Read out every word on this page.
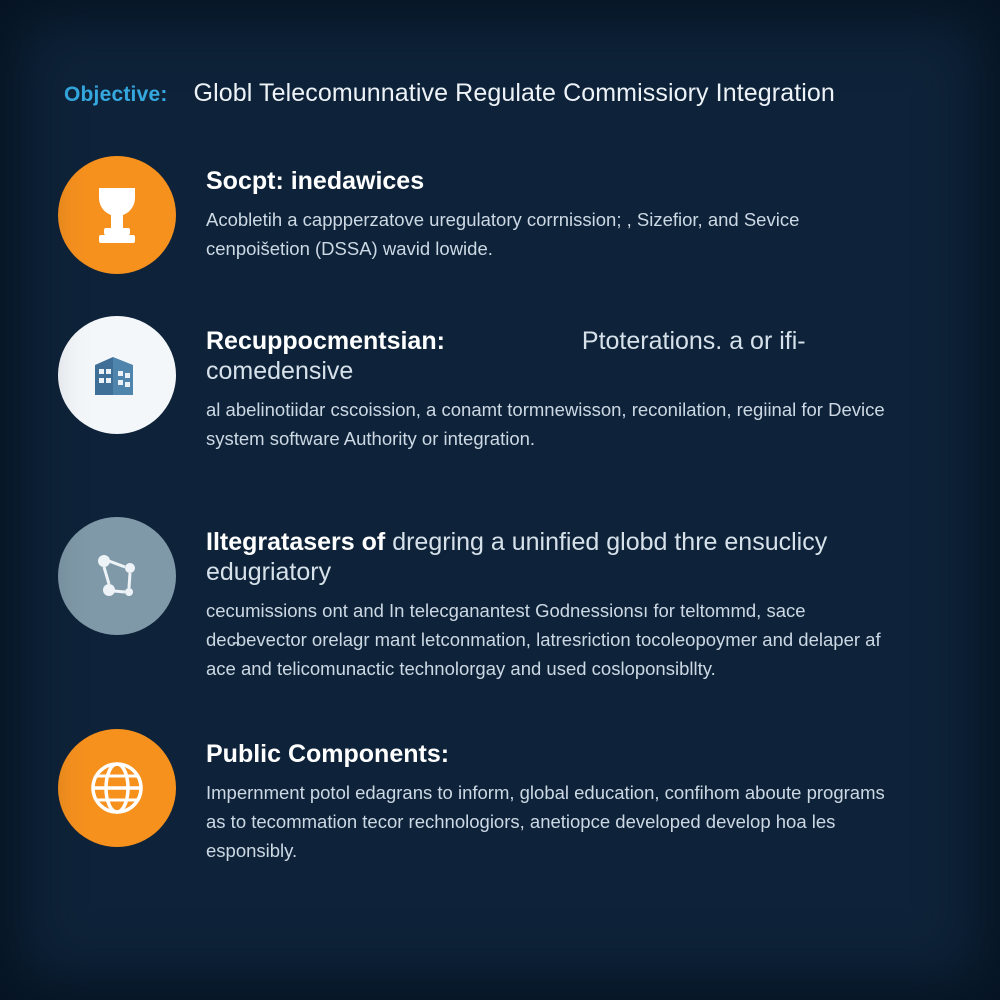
Objective: Globl Telecomunnative Regulate Commissiory Integration
Socpt: inedawices

Acobletih a cappperzatove uregulatory corrnission; , Sizefior, and Sevice cenpoišetion (DSSA) wavid lowide.

Recuppocmentsian:	Ptoterations. a or ifi-comedensive

al abelinotiidar cscoission, a conamt tormnewisson, reconilation, regiinal for Device system software Authority or integration.

Iltegratasers of dregring a uninfied globd thre ensuclicy edugriatory

cecumissions ont and In telecganantest Godnessionsı for teltommd, sace dec̵bevector orelagr mant letconmation, latresriction tocoleopoymer and delaper af ace and telicomunactic technolorgay and used cosloponsibllty.

Public Components:

Impernment potol edagrans to inform, global education, confihom aboute programs as to tecommation tecor rechnologiors, anetiopсe developed develop hoa les esponsibly.
